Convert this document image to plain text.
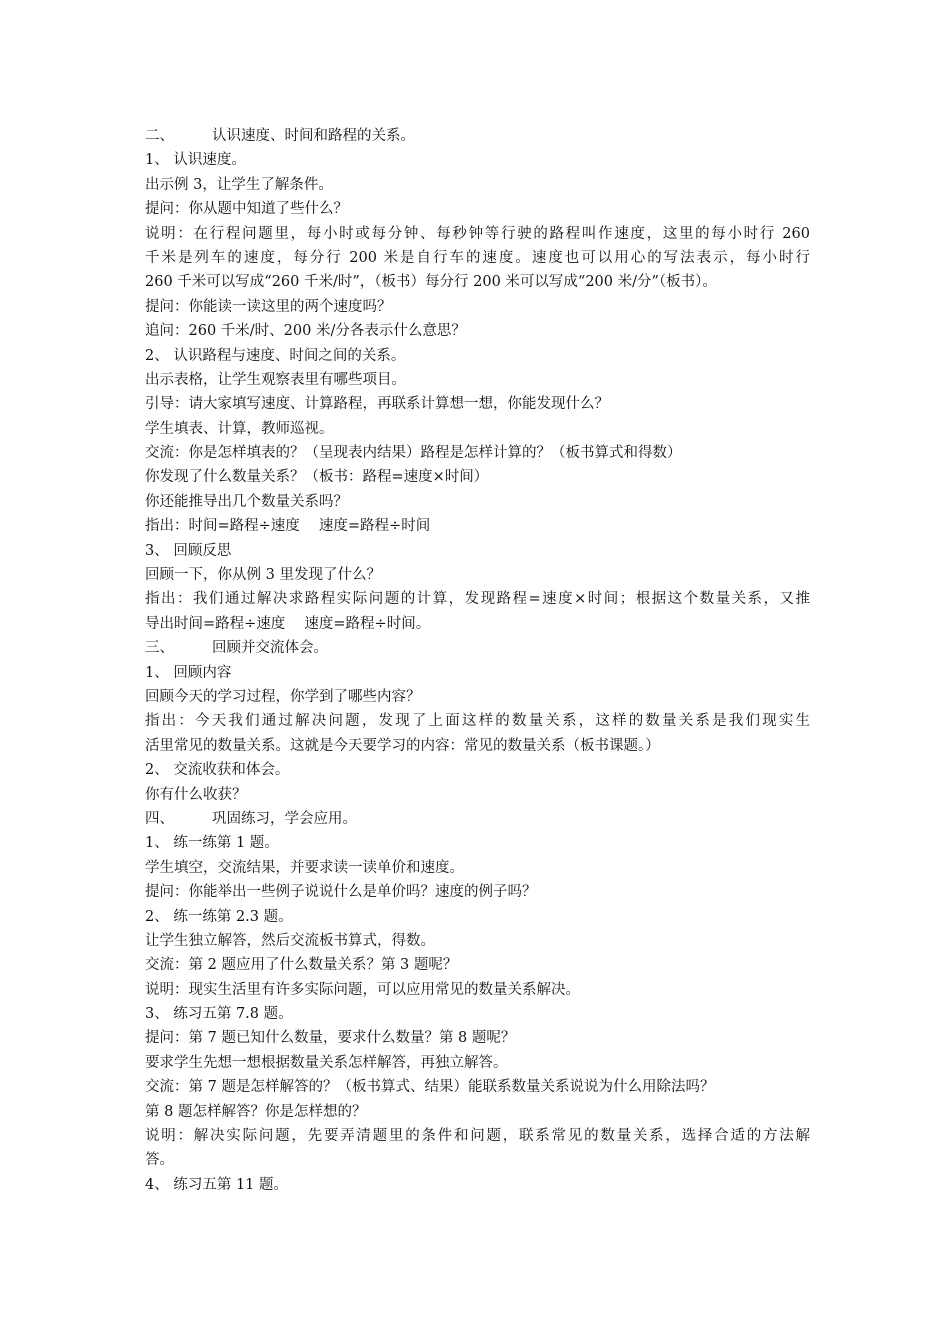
二、	认识速度、时间和路程的关系。
1、 认识速度。
出示例 3，让学生了解条件。
提问：你从题中知道了些什么？
说明：在行程问题里，每小时或每分钟、每秒钟等行驶的路程叫作速度，这里的每小时行 260
千米是列车的速度，每分行 200 米是自行车的速度。速度也可以用心的写法表示，每小时行
260 千米可以写成“260 千米/时”，（板书）每分行 200 米可以写成“200 米/分”（板书）。
提问：你能读一读这里的两个速度吗？
追问：260 千米/时、200 米/分各表示什么意思？
2、 认识路程与速度、时间之间的关系。
出示表格，让学生观察表里有哪些项目。
引导：请大家填写速度、计算路程，再联系计算想一想，你能发现什么？
学生填表、计算，教师巡视。
交流：你是怎样填表的？（呈现表内结果）路程是怎样计算的？（板书算式和得数）
你发现了什么数量关系？（板书：路程=速度×时间）
你还能推导出几个数量关系吗？
指出：时间=路程÷速度　 速度=路程÷时间
3、 回顾反思
回顾一下，你从例 3 里发现了什么？
指出：我们通过解决求路程实际问题的计算，发现路程=速度×时间；根据这个数量关系，又推
导出时间=路程÷速度　 速度=路程÷时间。
三、	回顾并交流体会。
1、 回顾内容
回顾今天的学习过程，你学到了哪些内容？
指出：今天我们通过解决问题，发现了上面这样的数量关系，这样的数量关系是我们现实生
活里常见的数量关系。这就是今天要学习的内容：常见的数量关系（板书课题。）
2、 交流收获和体会。
你有什么收获？
四、	巩固练习，学会应用。
1、 练一练第 1 题。
学生填空，交流结果，并要求读一读单价和速度。
提问：你能举出一些例子说说什么是单价吗？速度的例子吗？
2、 练一练第 2.3 题。
让学生独立解答，然后交流板书算式，得数。
交流：第 2 题应用了什么数量关系？第 3 题呢？
说明：现实生活里有许多实际问题，可以应用常见的数量关系解决。
3、 练习五第 7.8 题。
提问：第 7 题已知什么数量，要求什么数量？第 8 题呢？
要求学生先想一想根据数量关系怎样解答，再独立解答。
交流：第 7 题是怎样解答的？（板书算式、结果）能联系数量关系说说为什么用除法吗？
第 8 题怎样解答？你是怎样想的？
说明：解决实际问题，先要弄清题里的条件和问题，联系常见的数量关系，选择合适的方法解
答。
4、 练习五第 11 题。
